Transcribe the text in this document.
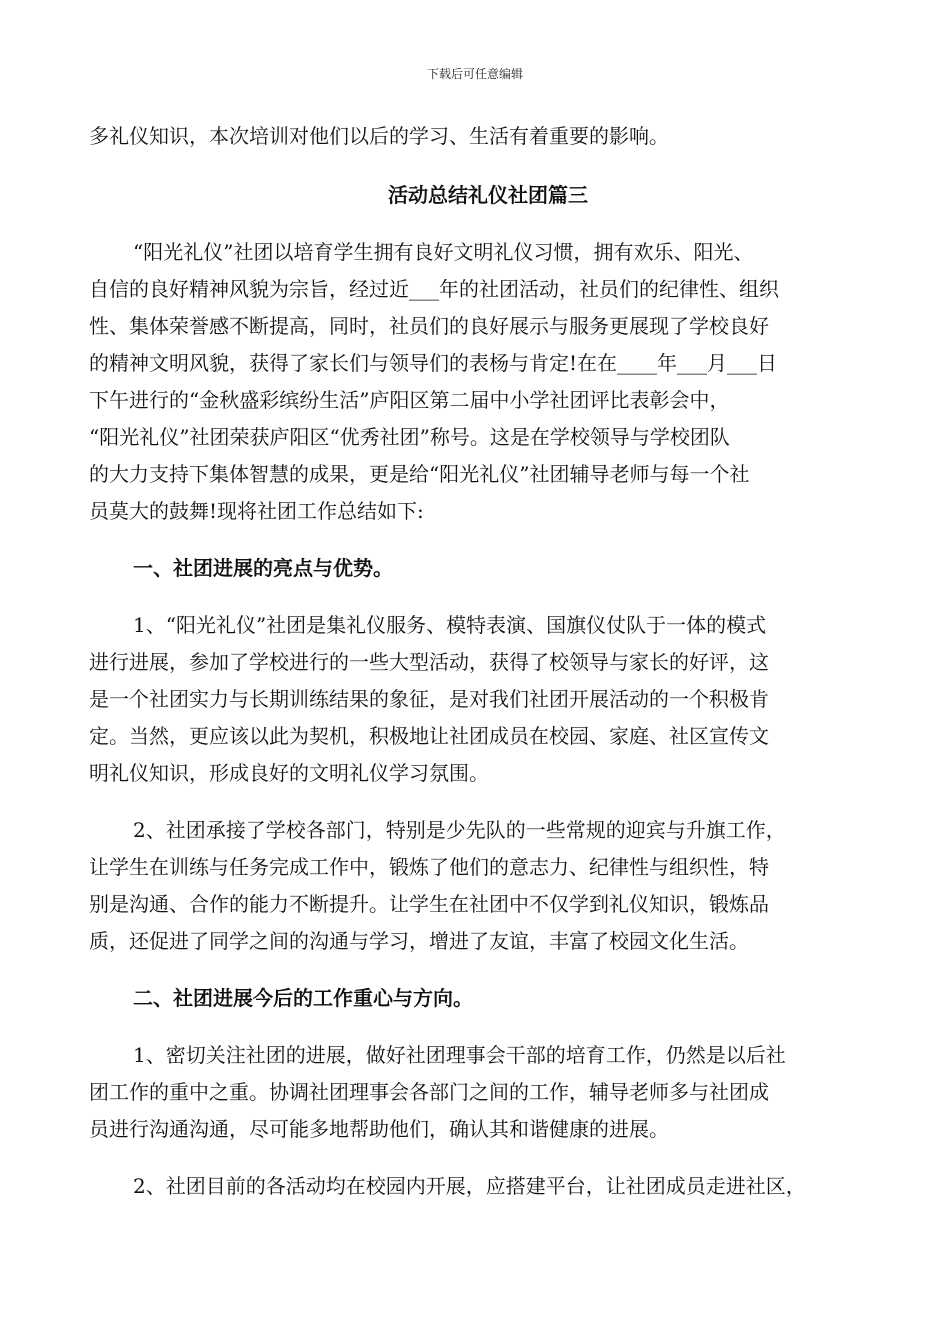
下载后可任意编辑
多礼仪知识，本次培训对他们以后的学习、生活有着重要的影响。
活动总结礼仪社团篇三
“阳光礼仪”社团以培育学生拥有良好文明礼仪习惯，拥有欢乐、阳光、
自信的良好精神风貌为宗旨，经过近___年的社团活动，社员们的纪律性、组织
性、集体荣誉感不断提高，同时，社员们的良好展示与服务更展现了学校良好
的精神文明风貌，获得了家长们与领导们的表杨与肯定!在在____年___月___日
下午进行的“金秋盛彩缤纷生活”庐阳区第二届中小学社团评比表彰会中，
“阳光礼仪”社团荣获庐阳区“优秀社团”称号。这是在学校领导与学校团队
的大力支持下集体智慧的成果，更是给“阳光礼仪”社团辅导老师与每一个社
员莫大的鼓舞!现将社团工作总结如下:
一、社团进展的亮点与优势。
1、“阳光礼仪”社团是集礼仪服务、模特表演、国旗仪仗队于一体的模式
进行进展，参加了学校进行的一些大型活动，获得了校领导与家长的好评，这
是一个社团实力与长期训练结果的象征，是对我们社团开展活动的一个积极肯
定。当然，更应该以此为契机，积极地让社团成员在校园、家庭、社区宣传文
明礼仪知识，形成良好的文明礼仪学习氛围。
2、社团承接了学校各部门，特别是少先队的一些常规的迎宾与升旗工作，
让学生在训练与任务完成工作中，锻炼了他们的意志力、纪律性与组织性，特
别是沟通、合作的能力不断提升。让学生在社团中不仅学到礼仪知识，锻炼品
质，还促进了同学之间的沟通与学习，增进了友谊，丰富了校园文化生活。
二、社团进展今后的工作重心与方向。
1、密切关注社团的进展，做好社团理事会干部的培育工作，仍然是以后社
团工作的重中之重。协调社团理事会各部门之间的工作，辅导老师多与社团成
员进行沟通沟通，尽可能多地帮助他们，确认其和谐健康的进展。
2、社团目前的各活动均在校园内开展，应搭建平台，让社团成员走进社区，
